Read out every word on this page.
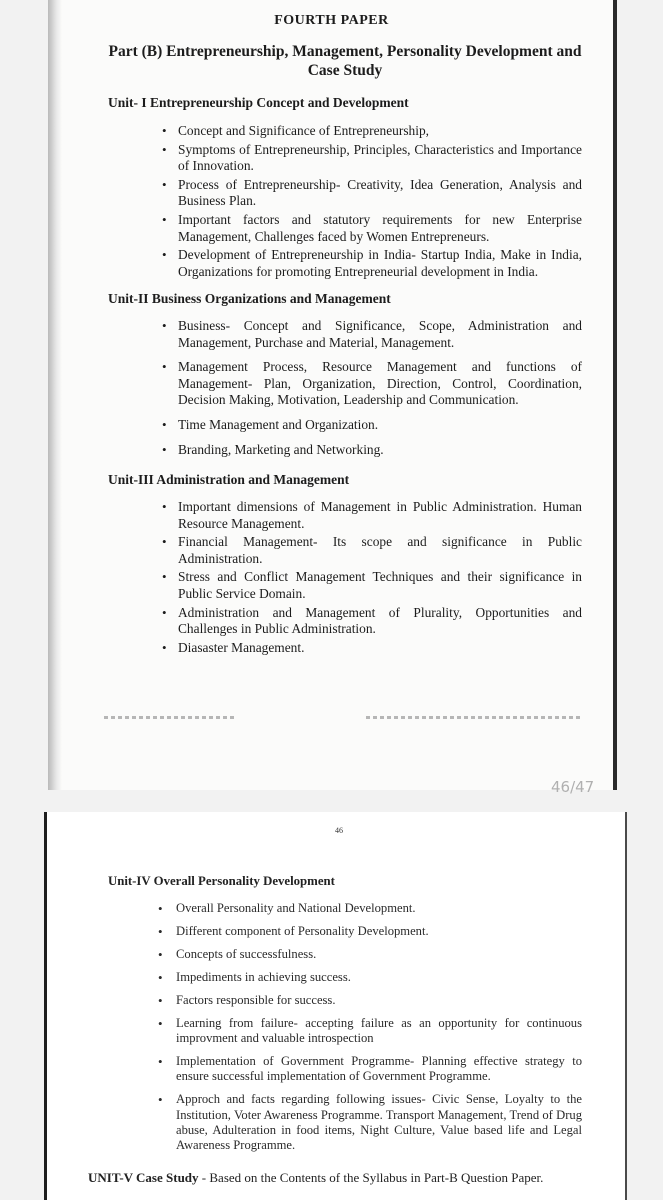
FOURTH PAPER
Part (B) Entrepreneurship, Management, Personality Development and Case Study
Unit- I Entrepreneurship Concept and Development
• Concept and Significance of Entrepreneurship,
• Symptoms of Entrepreneurship, Principles, Characteristics and Importance of Innovation.
• Process of Entrepreneurship- Creativity, Idea Generation, Analysis and Business Plan.
• Important factors and statutory requirements for new Enterprise Management, Challenges faced by Women Entrepreneurs.
• Development of Entrepreneurship in India- Startup India, Make in India, Organizations for promoting Entrepreneurial development in India.
Unit-II Business Organizations and Management
• Business- Concept and Significance, Scope, Administration and Management, Purchase and Material, Management.
• Management Process, Resource Management and functions of Management- Plan, Organization, Direction, Control, Coordination, Decision Making, Motivation, Leadership and Communication.
• Time Management and Organization.
• Branding, Marketing and Networking.
Unit-III Administration and Management
• Important dimensions of Management in Public Administration. Human Resource Management.
• Financial Management- Its scope and significance in Public Administration.
• Stress and Conflict Management Techniques and their significance in Public Service Domain.
• Administration and Management of Plurality, Opportunities and Challenges in Public Administration.
• Diasaster Management.
46/47
46
Unit-IV Overall Personality Development
• Overall Personality and National Development.
• Different component of Personality Development.
• Concepts of successfulness.
• Impediments in achieving success.
• Factors responsible for success.
• Learning from failure- accepting failure as an opportunity for continuous improvment and valuable introspection
• Implementation of Government Programme- Planning effective strategy to ensure successful implementation of Government Programme.
• Approch and facts regarding following issues- Civic Sense, Loyalty to the Institution, Voter Awareness Programme. Transport Management, Trend of Drug abuse, Adulteration in food items, Night Culture, Value based life and Legal Awareness Programme.
UNIT-V Case Study - Based on the Contents of the Syllabus in Part-B Question Paper.
